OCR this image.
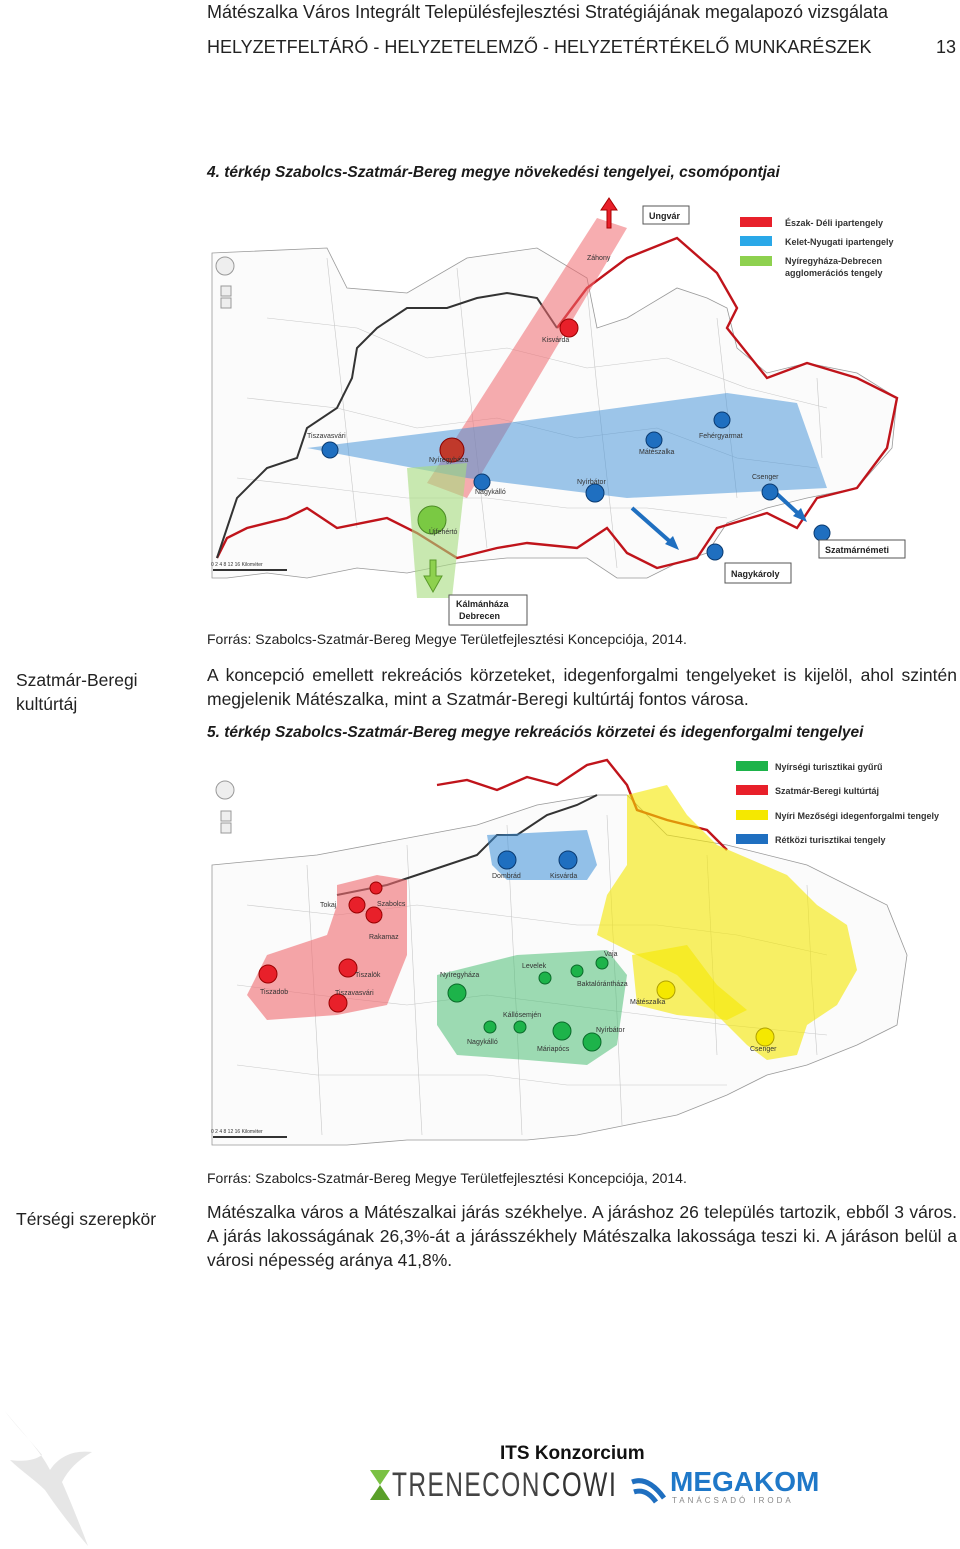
Mátészalka Város Integrált Településfejlesztési Stratégiájának megalapozó vizsgálata
HELYZETFELTÁRÓ - HELYZETELEMZŐ - HELYZETÉRTÉKELŐ MUNKARÉSZEK	13
4. térkép Szabolcs-Szatmár-Bereg megye növekedési tengelyei, csomópontjai
Záhony
Kisvárda
Tiszavasvári
Nyíregyháza
Nagykálló
Nyírbátor
Mátészalka
Fehérgyarmat
Csenger
Újfehértó
Ungvár
Szatmárnémeti
Nagykároly
Kálmánháza
Debrecen
Észak- Déli ipartengely
Kelet-Nyugati ipartengely
Nyíregyháza-Debrecen
agglomerációs tengely
0 2 4 8 12 16 Kilométer
Forrás: Szabolcs-Szatmár-Bereg Megye Területfejlesztési Koncepciója, 2014.
Szatmár-Beregi kultúrtáj
A koncepció emellett rekreációs körzeteket, idegenforgalmi tengelyeket is kijelöl, ahol szintén megjelenik Mátészalka, mint a Szatmár-Beregi kultúrtáj fontos városa.
5. térkép Szabolcs-Szatmár-Bereg megye rekreációs körzetei és idegenforgalmi tengelyei
Dombrád	Kisvárda
Tokaj	Szabolcs
Rakamaz
Tiszalök
Tiszadob	Tiszavasvári
Nyíregyháza
Levelek
Vaja
Baktalórántháza
Mátészalka
Kállósemjén
Nyírbátor
Nagykálló
Máriapócs	Csenger
Nyírségi turisztikai gyűrű
Szatmár-Beregi kultúrtáj
Nyíri Mezőségi idegenforgalmi tengely
Rétközi turisztikai tengely
0 2 4 8 12 16 Kilométer
Forrás: Szabolcs-Szatmár-Bereg Megye Területfejlesztési Koncepciója, 2014.
Térségi szerepkör	Mátészalka város a Mátészalkai járás székhelye. A járáshoz 26 település tartozik, ebből 3 város. A járás lakosságának 26,3%-át a járásszékhely Mátészalka lakossága teszi ki. A járáson belül a városi népesség aránya 41,8%.
ITS Konzorcium
TRENECON COWI MEGAKOM
TANÁCSADÓ IRODA
